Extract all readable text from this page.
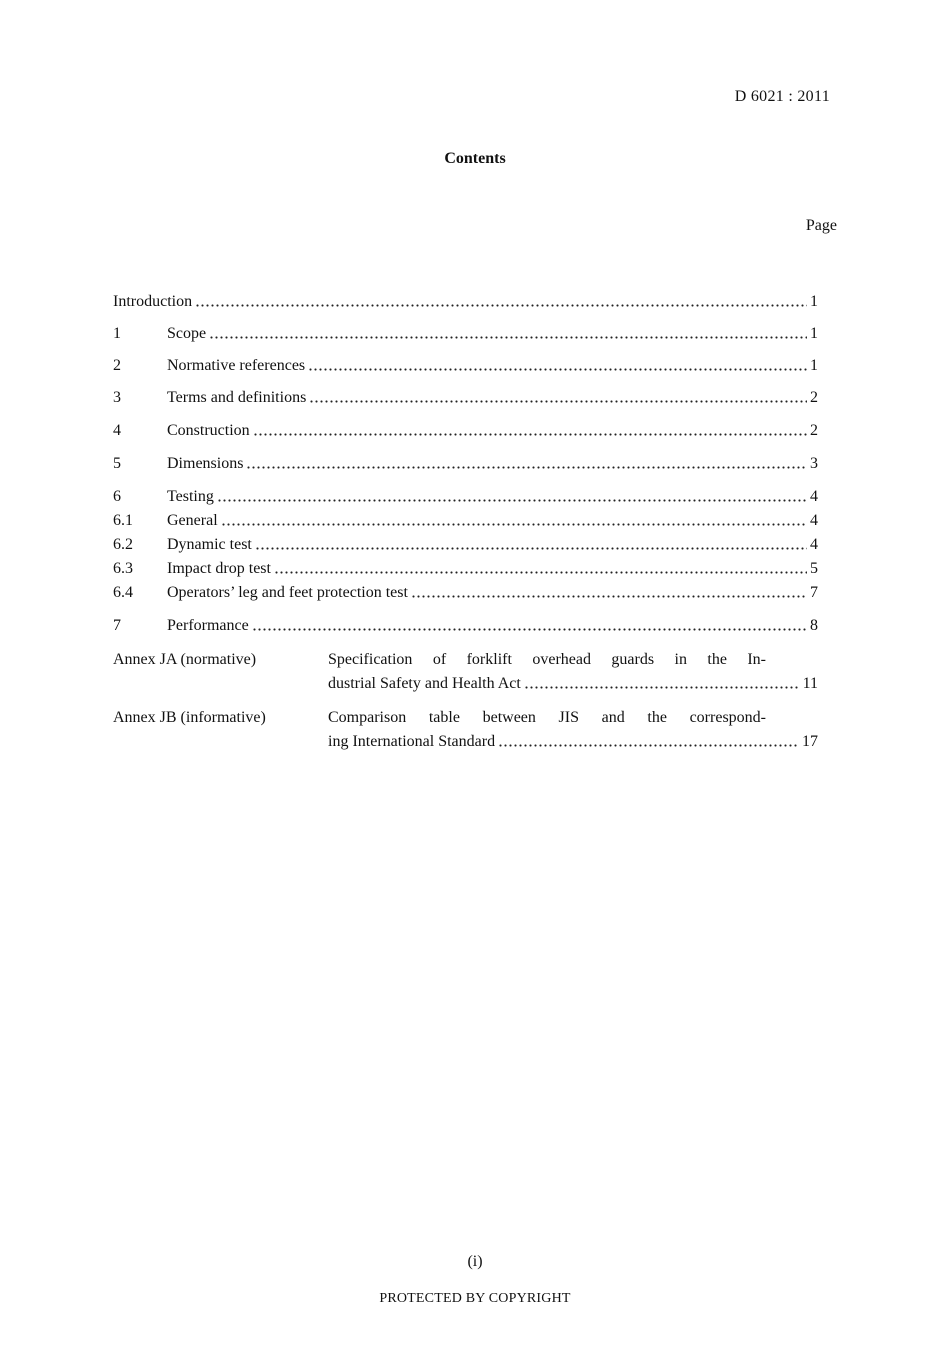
D 6021 : 2011
Contents
Page
Introduction	1
1	Scope	1
2	Normative references	1
3	Terms and definitions	2
4	Construction	2
5	Dimensions	3
6	Testing	4
6.1	General	4
6.2	Dynamic test	4
6.3	Impact drop test	5
6.4	Operators’ leg and feet protection test	7
7	Performance	8
Annex JA (normative)	Specification of forklift overhead guards in the In-
dustrial Safety and Health Act	11
Annex JB (informative)	Comparison table between JIS and the correspond-
ing International Standard	17
(i)
PROTECTED BY COPYRIGHT
